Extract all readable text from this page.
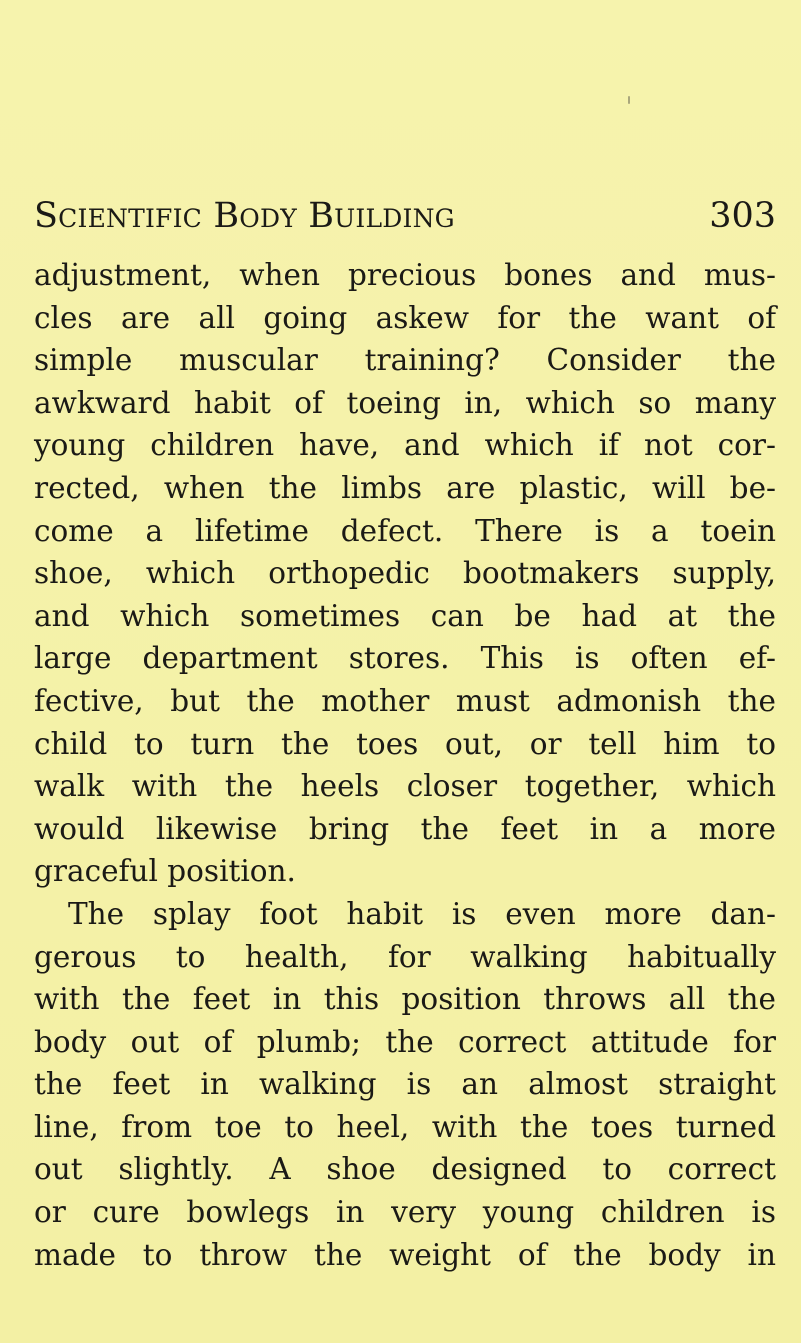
Scientific Body Building	303
adjustment, when precious bones and mus-
cles are all going askew for the want of
simple muscular training? Consider the
awkward habit of toeing in, which so many
young children have, and which if not cor-
rected, when the limbs are plastic, will be-
come a lifetime defect. There is a toein
shoe, which orthopedic bootmakers supply,
and which sometimes can be had at the
large department stores. This is often ef-
fective, but the mother must admonish the
child to turn the toes out, or tell him to
walk with the heels closer together, which
would likewise bring the feet in a more
graceful position.
The splay foot habit is even more dan-
gerous to health, for walking habitually
with the feet in this position throws all the
body out of plumb; the correct attitude for
the feet in walking is an almost straight
line, from toe to heel, with the toes turned
out slightly. A shoe designed to correct
or cure bowlegs in very young children is
made to throw the weight of the body in
